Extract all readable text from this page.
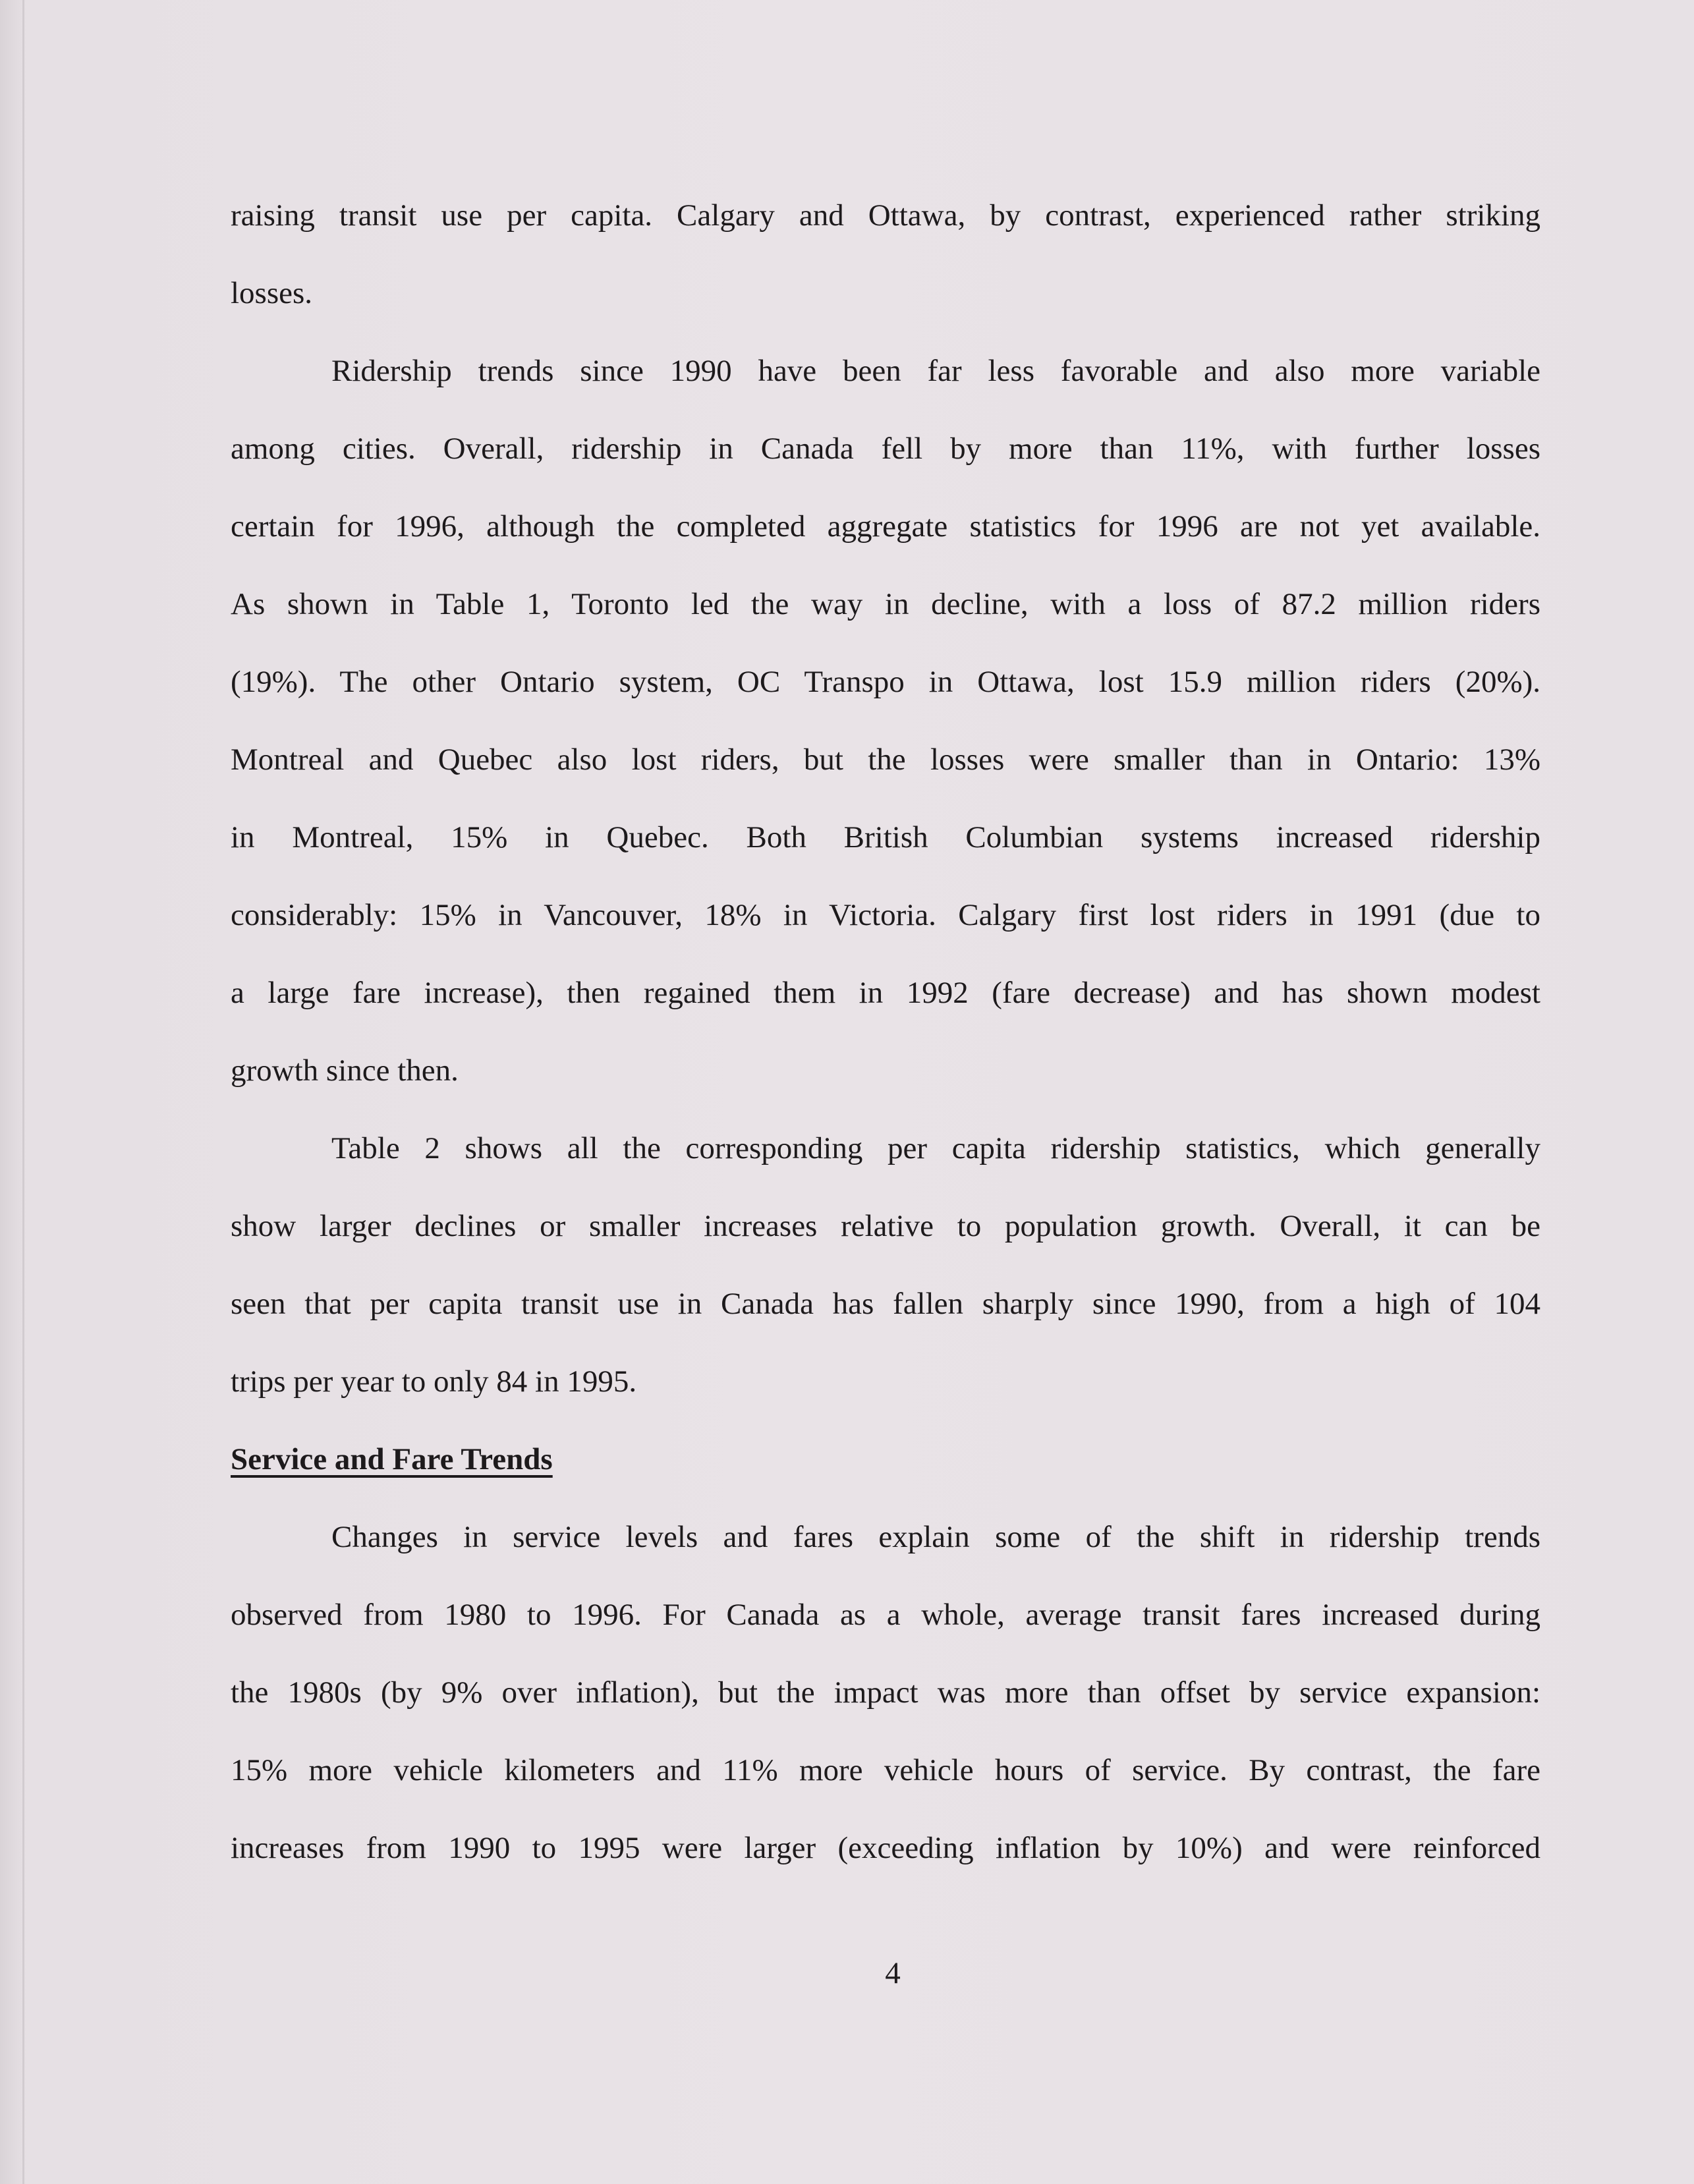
raising transit use per capita. Calgary and Ottawa, by contrast, experienced rather striking
losses.
Ridership trends since 1990 have been far less favorable and also more variable
among cities. Overall, ridership in Canada fell by more than 11%, with further losses
certain for 1996, although the completed aggregate statistics for 1996 are not yet available.
As shown in Table 1, Toronto led the way in decline, with a loss of 87.2 million riders
(19%). The other Ontario system, OC Transpo in Ottawa, lost 15.9 million riders (20%).
Montreal and Quebec also lost riders, but the losses were smaller than in Ontario: 13%
in Montreal, 15% in Quebec. Both British Columbian systems increased ridership
considerably: 15% in Vancouver, 18% in Victoria. Calgary first lost riders in 1991 (due to
a large fare increase), then regained them in 1992 (fare decrease) and has shown modest
growth since then.
Table 2 shows all the corresponding per capita ridership statistics, which generally
show larger declines or smaller increases relative to population growth. Overall, it can be
seen that per capita transit use in Canada has fallen sharply since 1990, from a high of 104
trips per year to only 84 in 1995.
Service and Fare Trends
Changes in service levels and fares explain some of the shift in ridership trends
observed from 1980 to 1996. For Canada as a whole, average transit fares increased during
the 1980s (by 9% over inflation), but the impact was more than offset by service expansion:
15% more vehicle kilometers and 11% more vehicle hours of service. By contrast, the fare
increases from 1990 to 1995 were larger (exceeding inflation by 10%) and were reinforced
4
